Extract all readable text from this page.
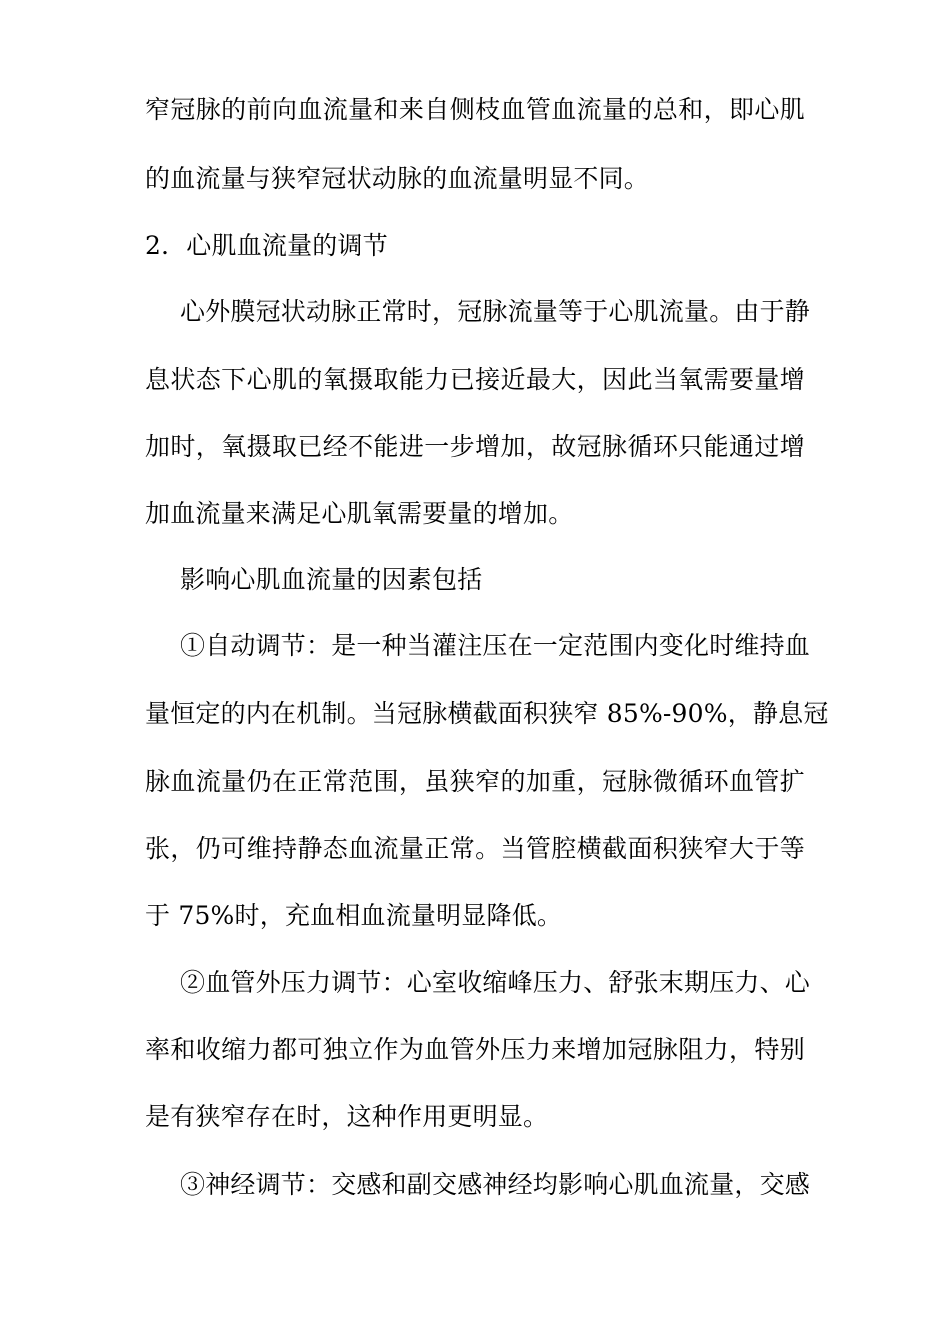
窄冠脉的前向血流量和来自侧枝血管血流量的总和，即心肌
的血流量与狭窄冠状动脉的血流量明显不同。
2．心肌血流量的调节
心外膜冠状动脉正常时，冠脉流量等于心肌流量。由于静
息状态下心肌的氧摄取能力已接近最大，因此当氧需要量增
加时，氧摄取已经不能进一步增加，故冠脉循环只能通过增
加血流量来满足心肌氧需要量的增加。
影响心肌血流量的因素包括
①自动调节：是一种当灌注压在一定范围内变化时维持血
量恒定的内在机制。当冠脉横截面积狭窄 85%-90%，静息冠
脉血流量仍在正常范围，虽狭窄的加重，冠脉微循环血管扩
张，仍可维持静态血流量正常。当管腔横截面积狭窄大于等
于 75%时，充血相血流量明显降低。
②血管外压力调节：心室收缩峰压力、舒张末期压力、心
率和收缩力都可独立作为血管外压力来增加冠脉阻力，特别
是有狭窄存在时，这种作用更明显。
③神经调节：交感和副交感神经均影响心肌血流量，交感
